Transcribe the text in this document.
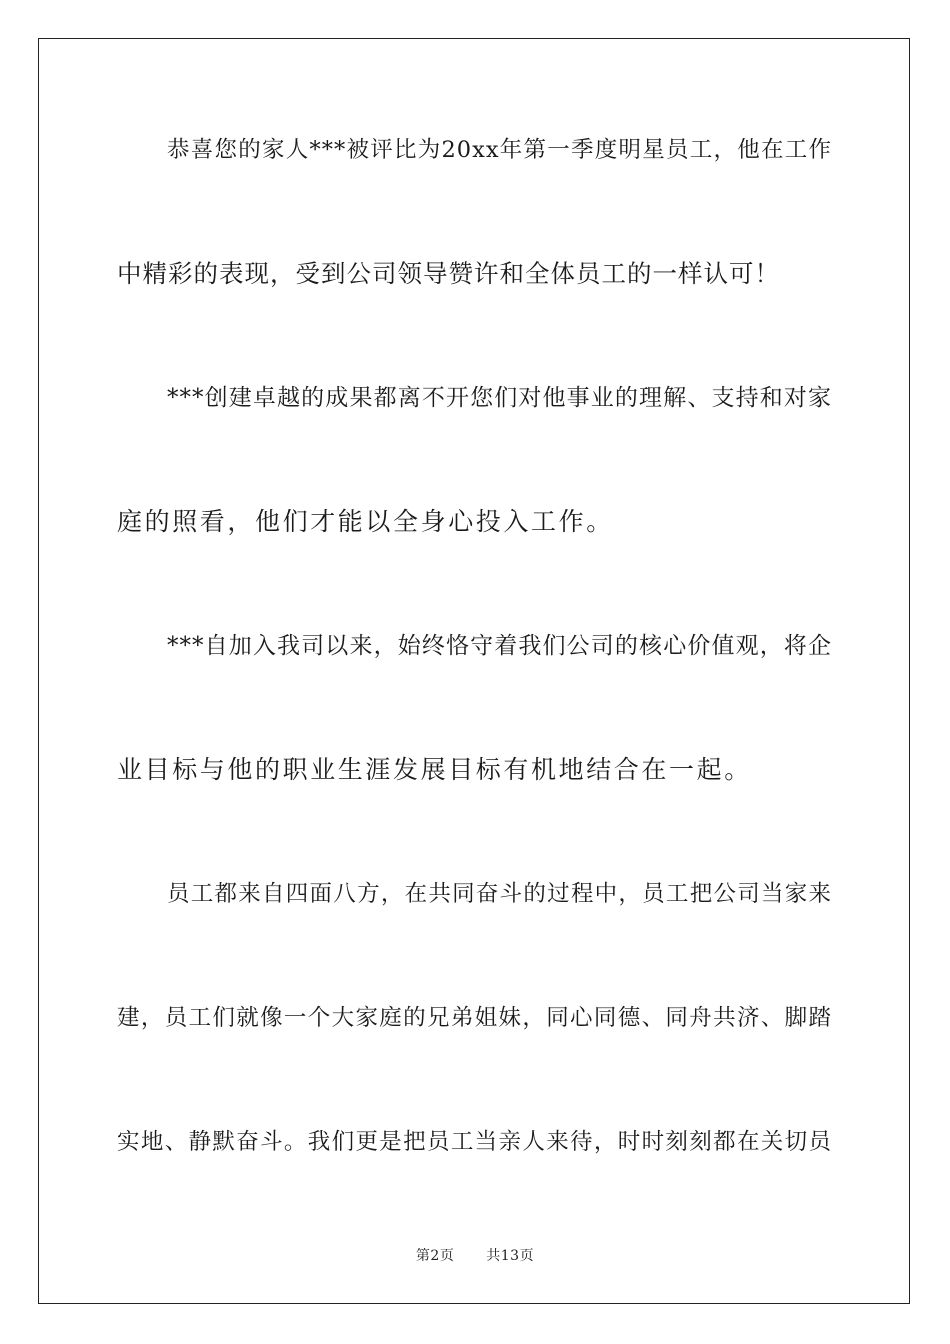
恭喜您的家人***被评比为20xx年第一季度明星员工，他在工作
中精彩的表现，受到公司领导赞许和全体员工的一样认可！
***创建卓越的成果都离不开您们对他事业的理解、支持和对家
庭的照看，他们才能以全身心投入工作。
***自加入我司以来，始终恪守着我们公司的核心价值观，将企
业目标与他的职业生涯发展目标有机地结合在一起。
员工都来自四面八方，在共同奋斗的过程中，员工把公司当家来
建，员工们就像一个大家庭的兄弟姐妹，同心同德、同舟共济、脚踏
实地、静默奋斗。我们更是把员工当亲人来待，时时刻刻都在关切员
第2页 共13页
